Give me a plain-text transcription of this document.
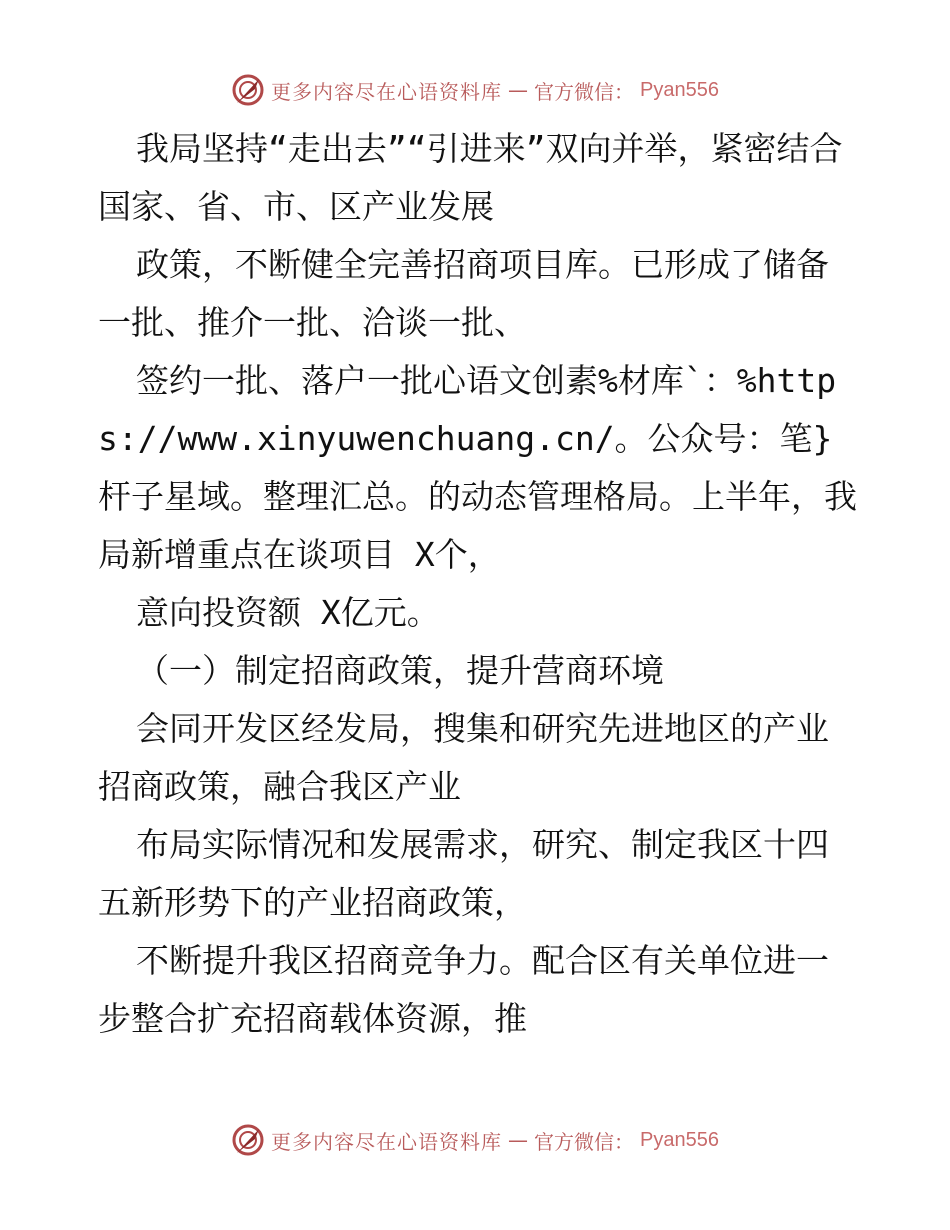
更多内容尽在心语资料库 — 官方微信： Pyan556

我局坚持“走出去”“引进来”双向并举，紧密结合国家、省、市、区产业发展

政策，不断健全完善招商项目库。已形成了储备一批、推介一批、洽谈一批、

签约一批、落户一批心语文创素%材库`：%https://www.xinyuwenchuang.cn/。公众号：笔}杆子星域。整理汇总。的动态管理格局。上半年，我局新增重点在谈项目 X个，

意向投资额 X亿元。

（一）制定招商政策，提升营商环境

会同开发区经发局，搜集和研究先进地区的产业招商政策，融合我区产业

布局实际情况和发展需求，研究、制定我区十四五新形势下的产业招商政策，

不断提升我区招商竞争力。配合区有关单位进一步整合扩充招商载体资源，推

更多内容尽在心语资料库 — 官方微信： Pyan556
